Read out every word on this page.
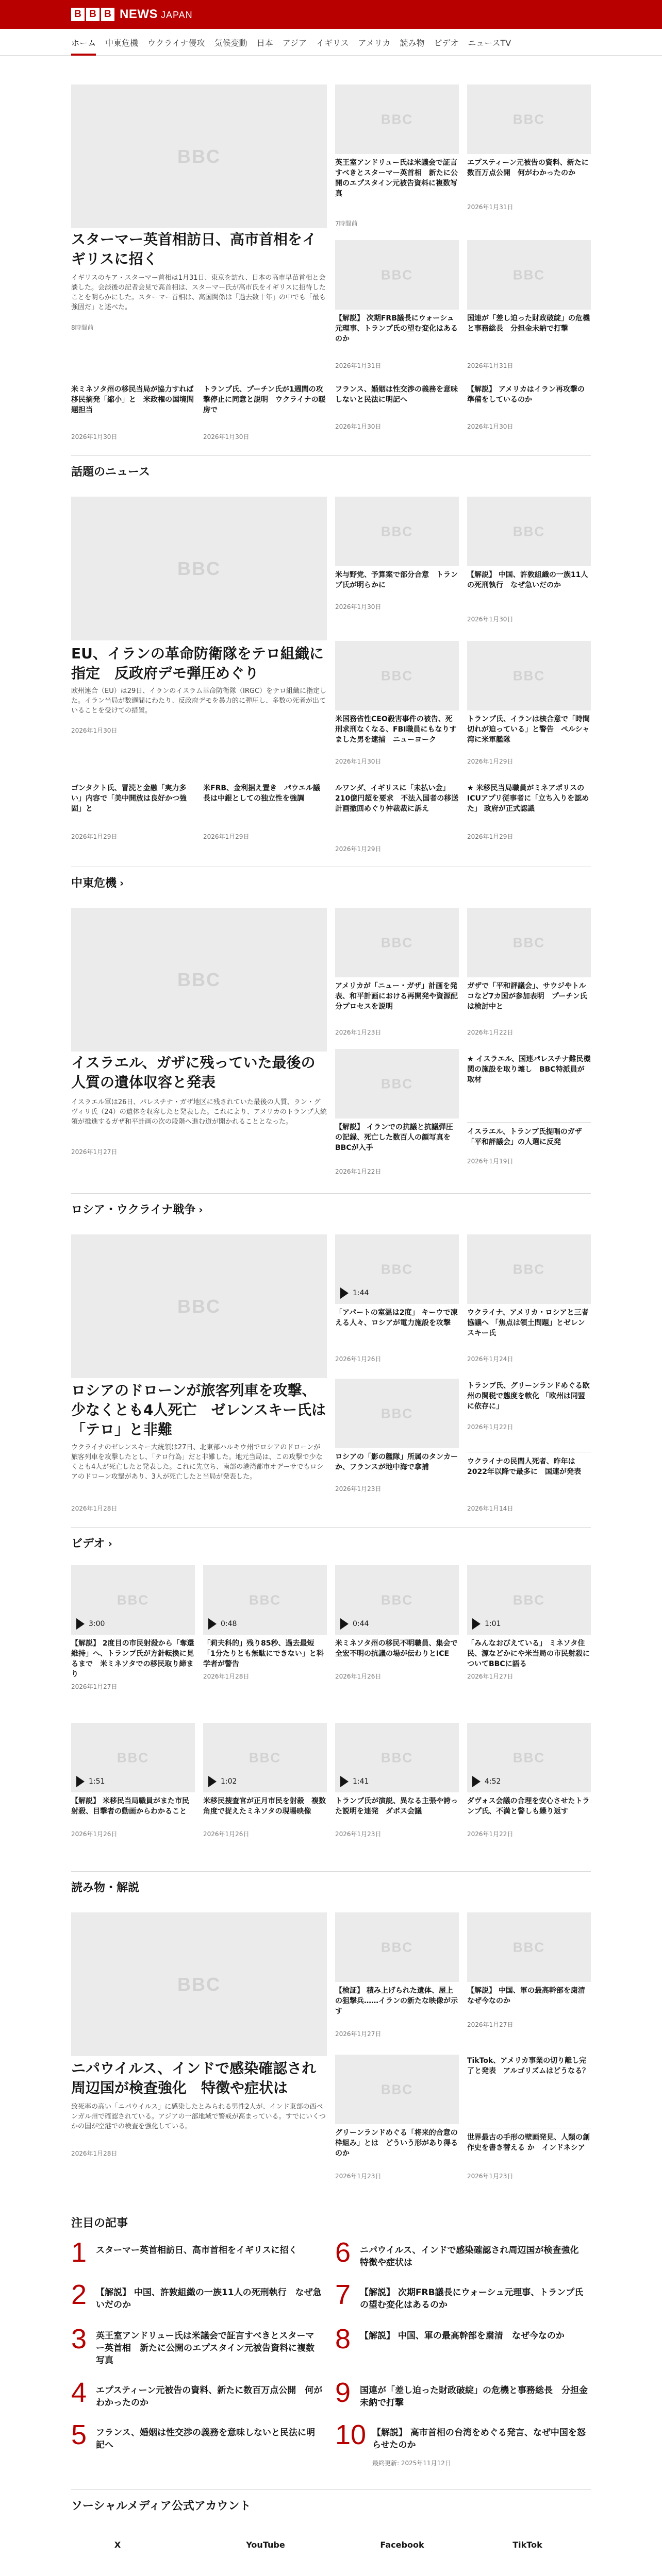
B B B NEWS JAPAN
ホーム	中東危機	ウクライナ侵攻	気候変動	日本	アジア	イギリス	アメリカ	読み物	ビデオ	ニュースTV
BBC
スターマー英首相訪日、高市首相をイギリスに招く
イギリスのキア・スターマー首相は1月31日、東京を訪れ、日本の高市早苗首相と会談した。会談後の記者会見で高首相は、スターマー氏が高市氏をイギリスに招待したことを明らかにした。スターマー首相は、高国関係は「過去数十年」の中でも「最も強固だ」と述べた。
8時間前
BBC
英王室アンドリュー氏は米議会で証言すべきとスターマー英首相　新たに公開のエプスタイン元被告資料に複数写真
7時間前
BBC
エプスティーン元被告の資料、新たに数百万点公開　何がわかったのか
2026年1月31日
BBC
【解説】 次期FRB議長にウォーシュ元理事、トランプ氏の望む変化はあるのか
2026年1月31日
BBC
国連が「差し迫った財政破綻」の危機と事務総長　分担金未納で打撃
2026年1月31日
米ミネソタ州の移民当局が協力すれば移民摘発「縮小」と　米政権の国境問題担当
2026年1月30日
トランプ氏、プーチン氏が1週間の攻撃停止に同意と説明　ウクライナの暖房で
2026年1月30日
フランス、婚姻は性交渉の義務を意味しないと民法に明記へ
2026年1月30日
【解説】 アメリカはイラン再攻撃の準備をしているのか
2026年1月30日
話題のニュース
BBC
EU、イランの革命防衛隊をテロ組織に指定　反政府デモ弾圧めぐり
欧州連合（EU）は29日、イランのイスラム革命防衛隊（IRGC）をテロ組織に指定した。イラン当局が数週間にわたり、反政府デモを暴力的に弾圧し、多数の死者が出ていることを受けての措置。
2026年1月30日
BBC
米与野党、予算案で部分合意　トランプ氏が明らかに
2026年1月30日
BBC
【解説】 中国、許敦組織の一族11人の死刑執行　なぜ急いだのか
2026年1月30日
BBC
米国務省性CEO殺害事件の被告、死刑求刑なくなる、FBI職員にもなりすました男を逮捕　ニューヨーク
2026年1月30日
BBC
トランプ氏、イランは核合意で「時間切れが迫っている」と警告　ペルシャ湾に米軍艦隊
2026年1月29日
ゴンタクト氏、冒涜と金融「実力多い」内容で「美中開放は良好かつ強固」と
2026年1月29日
米FRB、金利据え置き　パウエル議長は中銀としての独立性を強調
2026年1月29日
ルワンダ、イギリスに「未払い金」210億円超を要求　不法入国者の移送計画撤回めぐり仲裁裁に訴え
2026年1月29日
★ 米移民当局職員がミネアポリスのICUアプリ従事者に「立ち入りを認めた」 政府が正式認識
2026年1月29日
中東危機 ›
BBC
イスラエル、ガザに残っていた最後の人質の遺体収容と発表
イスラエル軍は26日、パレスチナ・ガザ地区に残されていた最後の人質、ラン・グヴィリ氏（24）の遺体を収容したと発表した。これにより、アメリカのトランプ大統領が推進するガザ和平計画の次の段階へ進む道が開かれることとなった。
2026年1月27日
BBC
アメリカが「ニュー・ガザ」計画を発表、和平計画における再開発や資源配分プロセスを説明
2026年1月23日
BBC
ガザで「平和評議会」、サウジやトルコなど7カ国が参加表明　プーチン氏は検討中と
2026年1月22日
BBC
【解説】 イランでの抗議と抗議弾圧の記録、死亡した数百人の顔写真をBBCが入手
2026年1月22日
★ イスラエル、国連パレスチナ難民機関の施設を取り壊し　BBC特派員が取材
イスラエル、トランプ氏提唱のガザ「平和評議会」の人選に反発
2026年1月19日
ロシア・ウクライナ戦争 ›
BBC
ロシアのドローンが旅客列車を攻撃、少なくとも4人死亡　ゼレンスキー氏は「テロ」と非難
ウクライナのゼレンスキー大統領は27日、北東部ハルキウ州でロシアのドローンが旅客列車を攻撃したとし、「テロ行為」だと非難した。地元当局は、この攻撃で少なくとも4人が死亡したと発表した。これに先立ち、南部の港湾都市オデーサでもロシアのドローン攻撃があり、3人が死亡したと当局が発表した。
2026年1月28日
1:44
BBC
「アパートの室温は2度」 キーウで凍える人々、ロシアが電力施設を攻撃
2026年1月26日
BBC
ウクライナ、アメリカ・ロシアと三者協議へ 「焦点は領土問題」とゼレンスキー氏
2026年1月24日
BBC
ロシアの「影の艦隊」所属のタンカー か、フランスが地中海で拿捕
2026年1月23日
トランプ氏、グリーンランドめぐる欧州の関税で態度を軟化 「欧州は同盟に依存に」
2026年1月22日
ウクライナの民間人死者、昨年は2022年以降で最多に　国連が発表
2026年1月14日
ビデオ ›
3:00
BBC
【解説】 2度目の市民射殺から「奪還維持」へ、トランプ氏が方針転換に見るまで　米ミネソタでの移民取り締まり
2026年1月27日
0:48
BBC
「莉夫科的」残り85秒、過去最短　「1分たりとも無駄にできない」と科学者が警告
2026年1月28日
0:44
BBC
米ミネソタ州の移民不明職員、集会で全宏不明の抗議の場が伝わりとICE
2026年1月26日
1:01
BBC
「みんなおびえている」 ミネソタ住民、源などかにや米当局の市民射殺についてBBCに語る
2026年1月27日
1:51
BBC
【解説】 米移民当局職員がまた市民射殺、目撃者の動画からわかること
2026年1月26日
1:02
BBC
米移民捜査官が正月市民を射殺　複数角度で捉えたミネソタの現場映像
2026年1月26日
1:41
BBC
トランプ氏が演説、異なる主張や誇った説明を連発　ダボス会議
2026年1月23日
4:52
BBC
ダヴォス会議の合理を安心させたトランプ氏、不満と警しも繰り返す
2026年1月22日
読み物・解説
BBC
ニパウイルス、インドで感染確認され周辺国が検査強化　特徴や症状は
致死率の高い「ニパウイルス」に感染したとみられる男性2人が、インド東部の西ベンガル州で確認されている。アジアの一部地域で警戒が高まっている。すでにいくつかの国が空港での検査を強化している。
2026年1月28日
BBC
【検証】 積み上げられた遺体、屋上の狙撃兵……イランの新たな映像が示す
2026年1月27日
BBC
【解説】 中国、軍の最高幹部を粛清　なぜ今なのか
2026年1月27日
BBC
グリーンランドめぐる「将来的合意の枠組み」とは　どういう形があり得るのか
2026年1月23日
TikTok、アメリカ事業の切り離し完了と発表　アルゴリズムはどうなる？
世界最古の手形の壁画発見、人類の創作史を書き替える か　インドネシア
2026年1月23日
注目の記事
1 スターマー英首相訪日、高市首相をイギリスに招く
2 【解説】 中国、許敦組織の一族11人の死刑執行　なぜ急いだのか
3 英王室アンドリュー氏は米議会で証言すべきとスターマー英首相　新たに公開のエプスタイン元被告資料に複数写真
4 エプスティーン元被告の資料、新たに数百万点公開　何がわかったのか
5 フランス、婚姻は性交渉の義務を意味しないと民法に明記へ
6 ニパウイルス、インドで感染確認され周辺国が検査強化　特徴や症状は
7 【解説】 次期FRB議長にウォーシュ元理事、トランプ氏の望む変化はあるのか
8 【解説】 中国、軍の最高幹部を粛清　なぜ今なのか
9 国連が「差し迫った財政破綻」の危機と事務総長　分担金未納で打撃
10 【解説】 高市首相の台湾をめぐる発言、なぜ中国を怒らせたのか
最終更新: 2025年11月12日
ソーシャルメディア公式アカウント
X	YouTube	Facebook	TikTok
